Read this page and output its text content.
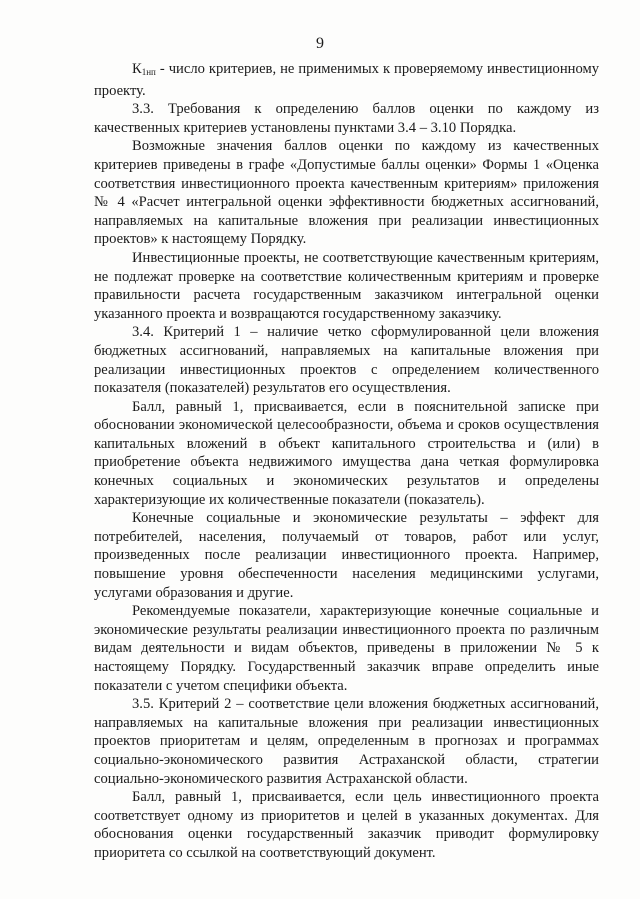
9

$К_{1нп}$ - число критериев, не применимых к проверяемому инвестиционному проекту.

3.3. Требования к определению баллов оценки по каждому из качественных критериев установлены пунктами 3.4 – 3.10 Порядка.

Возможные значения баллов оценки по каждому из качественных критериев приведены в графе «Допустимые баллы оценки» Формы 1 «Оценка соответствия инвестиционного проекта качественным критериям» приложения № 4 «Расчет интегральной оценки эффективности бюджетных ассигнований, направляемых на капитальные вложения при реализации инвестиционных проектов» к настоящему Порядку.

Инвестиционные проекты, не соответствующие качественным критериям, не подлежат проверке на соответствие количественным критериям и проверке правильности расчета государственным заказчиком интегральной оценки указанного проекта и возвращаются государственному заказчику.

3.4. Критерий 1 – наличие четко сформулированной цели вложения бюджетных ассигнований, направляемых на капитальные вложения при реализации инвестиционных проектов с определением количественного показателя (показателей) результатов его осуществления.

Балл, равный 1, присваивается, если в пояснительной записке при обосновании экономической целесообразности, объема и сроков осуществления капитальных вложений в объект капитального строительства и (или) в приобретение объекта недвижимого имущества дана четкая формулировка конечных социальных и экономических результатов и определены характеризующие их количественные показатели (показатель).

Конечные социальные и экономические результаты – эффект для потребителей, населения, получаемый от товаров, работ или услуг, произведенных после реализации инвестиционного проекта. Например, повышение уровня обеспеченности населения медицинскими услугами, услугами образования и другие.

Рекомендуемые показатели, характеризующие конечные социальные и экономические результаты реализации инвестиционного проекта по различным видам деятельности и видам объектов, приведены в приложении № 5 к настоящему Порядку. Государственный заказчик вправе определить иные показатели с учетом специфики объекта.

3.5. Критерий 2 – соответствие цели вложения бюджетных ассигнований, направляемых на капитальные вложения при реализации инвестиционных проектов приоритетам и целям, определенным в прогнозах и программах социально-экономического развития Астраханской области, стратегии социально-экономического развития Астраханской области.

Балл, равный 1, присваивается, если цель инвестиционного проекта соответствует одному из приоритетов и целей в указанных документах. Для обоснования оценки государственный заказчик приводит формулировку приоритета со ссылкой на соответствующий документ.
